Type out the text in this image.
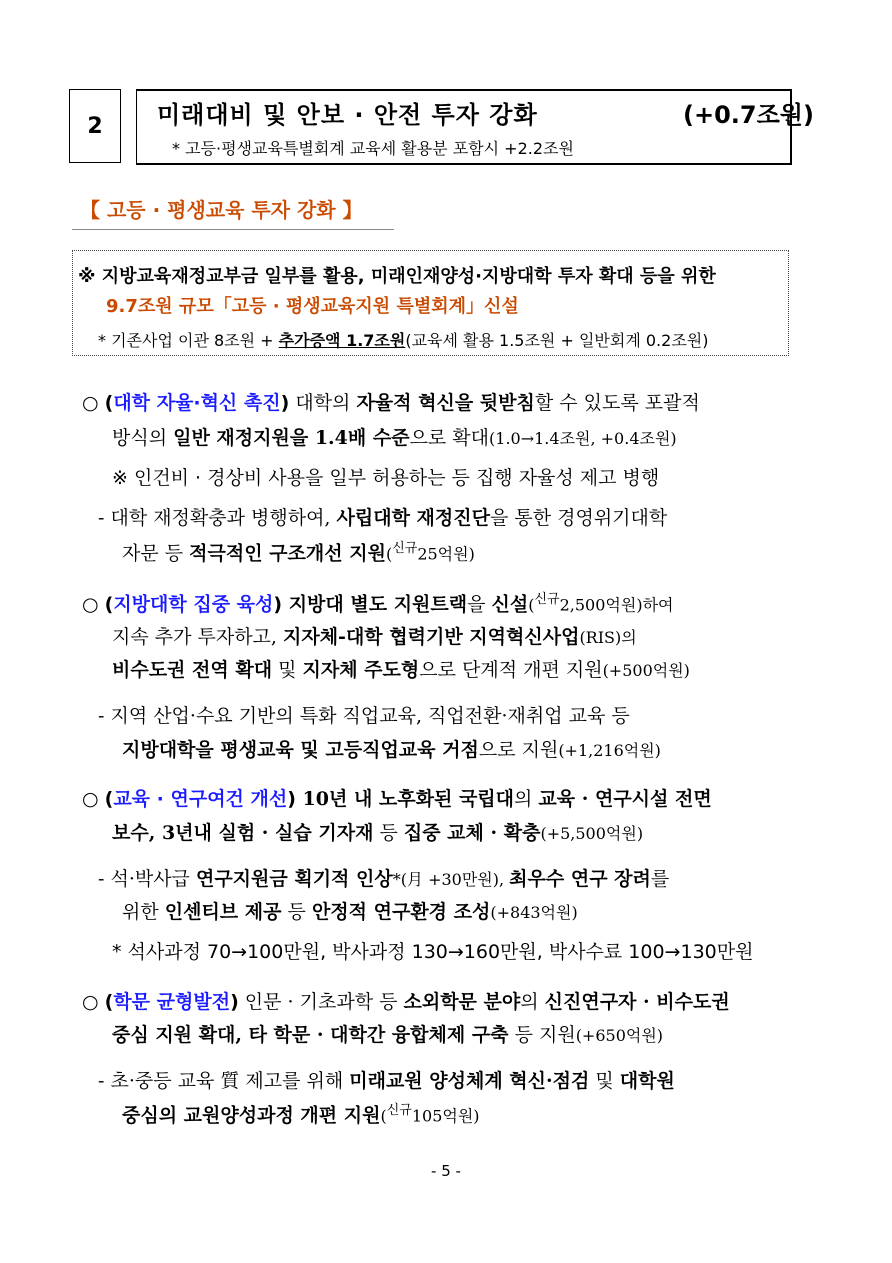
2	미래대비 및 안보 · 안전 투자 강화	(+0.7조원)
* 고등·평생교육특별회계 교육세 활용분 포함시 +2.2조원
【 고등 · 평생교육 투자 강화 】
※ 지방교육재정교부금 일부를 활용, 미래인재양성·지방대학 투자 확대 등을 위한
9.7조원 규모「고등 · 평생교육지원 특별회계」신설
* 기존사업 이관 8조원 + 추가증액 1.7조원(교육세 활용 1.5조원 + 일반회계 0.2조원)
○ (대학 자율·혁신 촉진) 대학의 자율적 혁신을 뒷받침할 수 있도록 포괄적
방식의 일반 재정지원을 1.4배 수준으로 확대(1.0→1.4조원, +0.4조원)
※ 인건비 · 경상비 사용을 일부 허용하는 등 집행 자율성 제고 병행
- 대학 재정확충과 병행하여, 사립대학 재정진단을 통한 경영위기대학
자문 등 적극적인 구조개선 지원($^{신규}$25억원)
○ (지방대학 집중 육성) 지방대 별도 지원트랙을 신설($^{신규}$2,500억원)하여
지속 추가 투자하고, 지자체-대학 협력기반 지역혁신사업(RIS)의
비수도권 전역 확대 및 지자체 주도형으로 단계적 개편 지원(+500억원)
- 지역 산업·수요 기반의 특화 직업교육, 직업전환·재취업 교육 등
지방대학을 평생교육 및 고등직업교육 거점으로 지원(+1,216억원)
○ (교육 · 연구여건 개선) 10년 내 노후화된 국립대의 교육 · 연구시설 전면
보수, 3년내 실험 · 실습 기자재 등 집중 교체 · 확충(+5,500억원)
- 석·박사급 연구지원금 획기적 인상*(月 +30만원), 최우수 연구 장려를
위한 인센티브 제공 등 안정적 연구환경 조성(+843억원)
* 석사과정 70→100만원, 박사과정 130→160만원, 박사수료 100→130만원
○ (학문 균형발전) 인문 · 기초과학 등 소외학문 분야의 신진연구자 · 비수도권
중심 지원 확대, 타 학문 · 대학간 융합체제 구축 등 지원(+650억원)
- 초·중등 교육 質 제고를 위해 미래교원 양성체계 혁신·점검 및 대학원
중심의 교원양성과정 개편 지원($^{신규}$105억원)
- 5 -
